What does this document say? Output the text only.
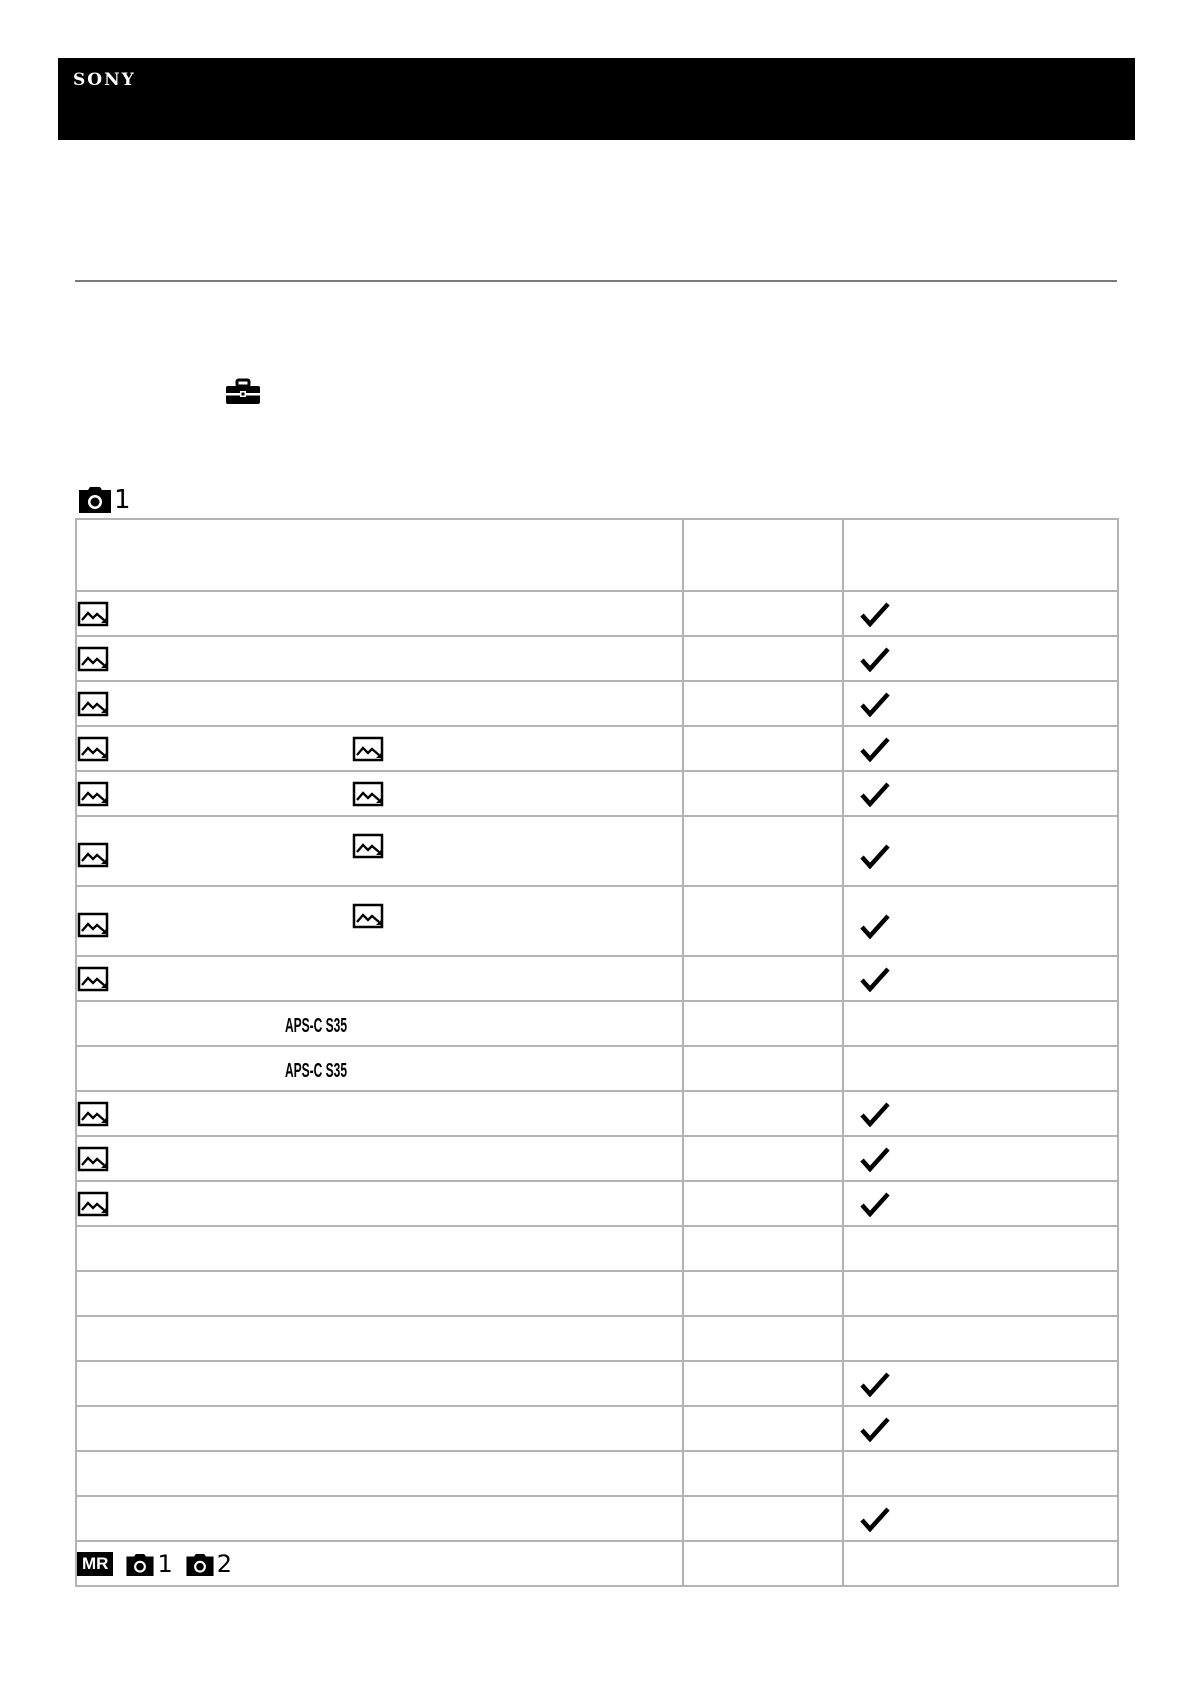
SONY
1

APS-C S35		

APS-C S35		

MR 1 2		
